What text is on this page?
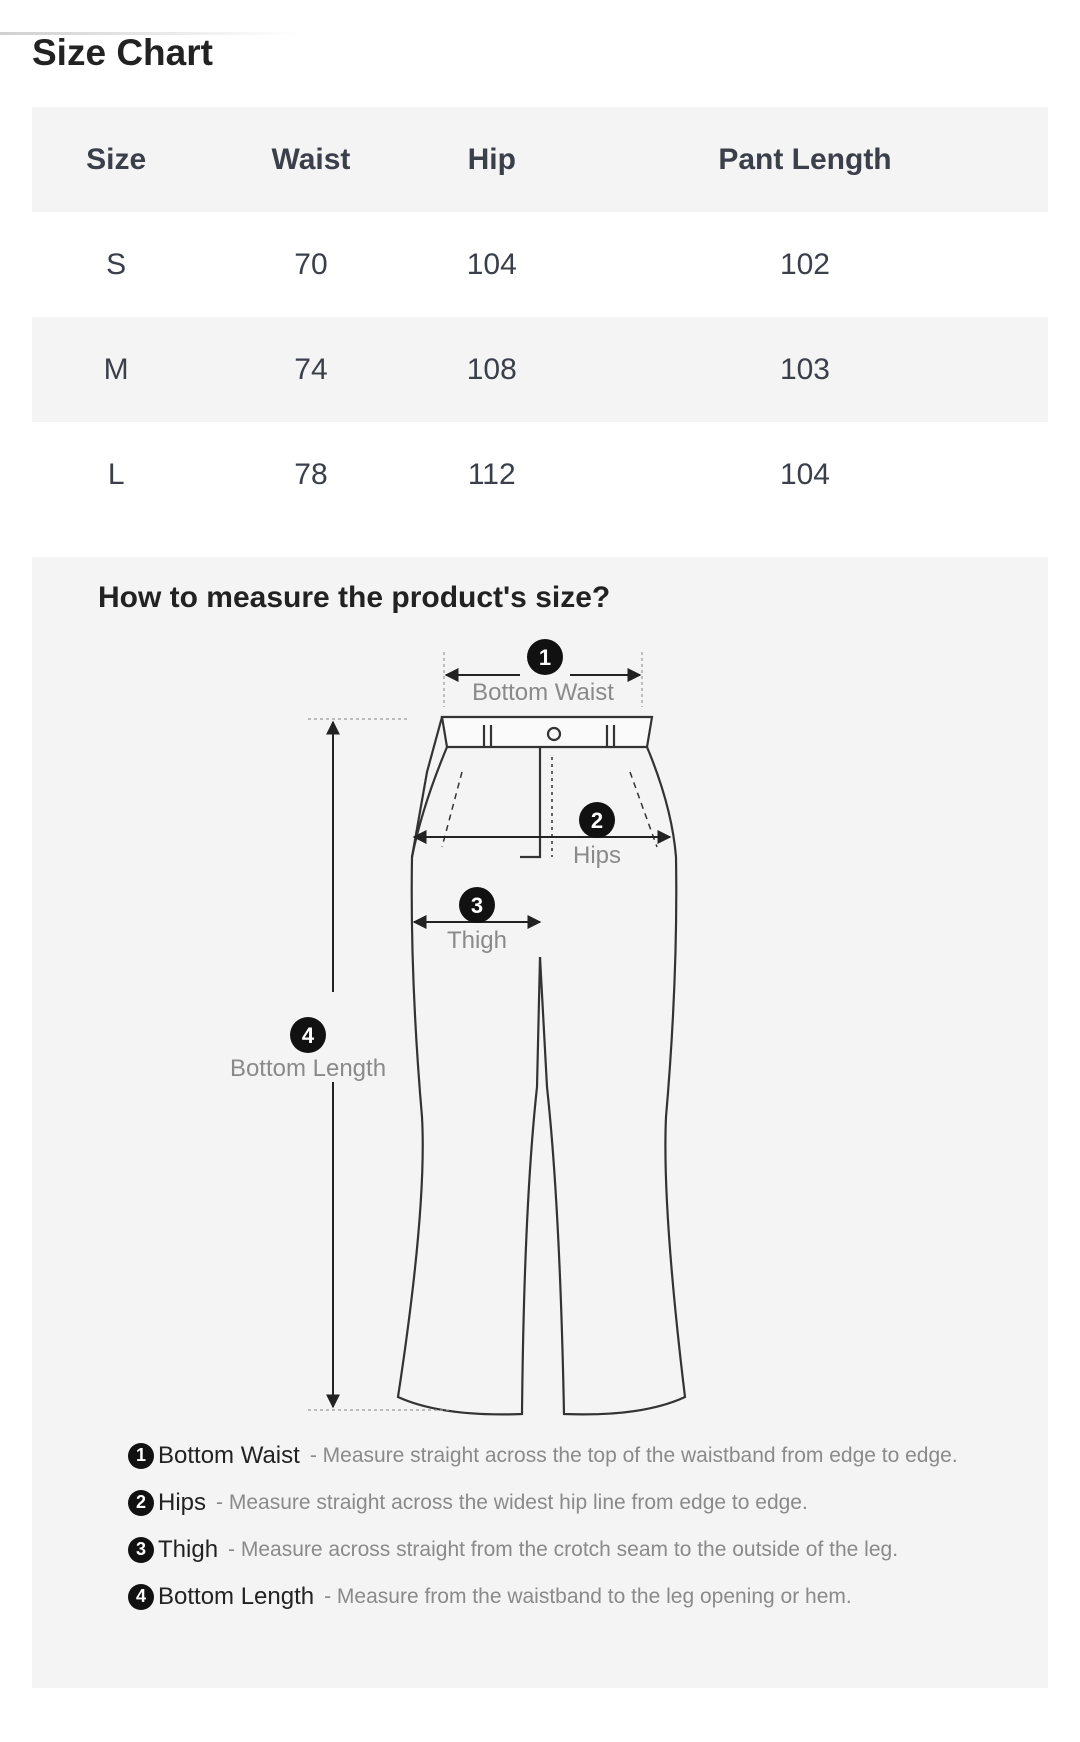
Size Chart
Size	Waist	Hip	Pant Length
S	70	104	102
M	74	108	103
L	78	112	104
How to measure the product's size?
1
Bottom Waist
2
Hips
3
Thigh
4
Bottom Length
1 Bottom Waist - Measure straight across the top of the waistband from edge to edge.
2 Hips - Measure straight across the widest hip line from edge to edge.
3 Thigh - Measure across straight from the crotch seam to the outside of the leg.
4 Bottom Length - Measure from the waistband to the leg opening or hem.
